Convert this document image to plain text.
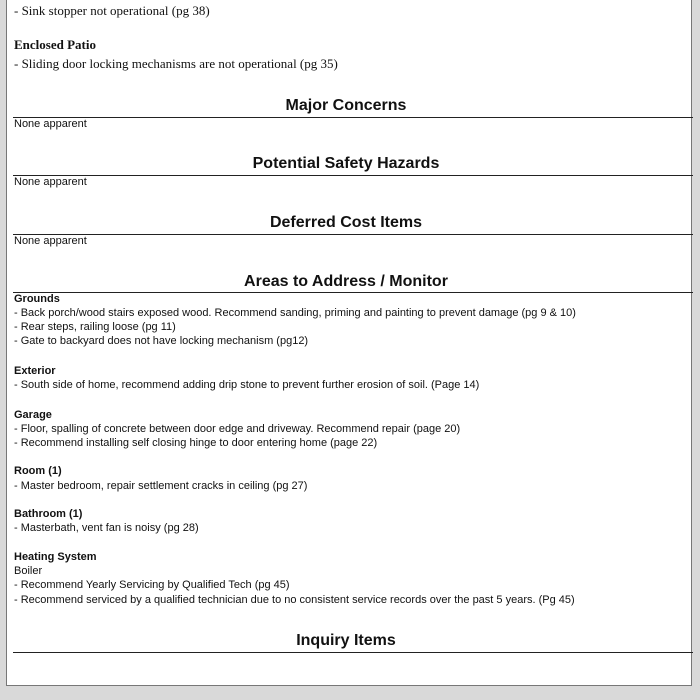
- Sink stopper not operational (pg 38)
Enclosed Patio
- Sliding door locking mechanisms are not operational (pg 35)
Major Concerns
None apparent
Potential Safety Hazards
None apparent
Deferred Cost Items
None apparent
Areas to Address / Monitor
Grounds
- Back porch/wood stairs exposed wood. Recommend sanding, priming and painting to prevent damage (pg 9 & 10)
- Rear steps, railing loose (pg 11)
- Gate to backyard does not have locking mechanism (pg12)
Exterior
- South side of home, recommend adding drip stone to prevent further erosion of soil. (Page 14)
Garage
- Floor, spalling of concrete between door edge and driveway. Recommend repair (page 20)
- Recommend installing self closing hinge to door entering home (page 22)
Room (1)
- Master bedroom, repair settlement cracks in ceiling (pg 27)
Bathroom (1)
- Masterbath, vent fan is noisy (pg 28)
Heating System
Boiler
- Recommend Yearly Servicing by Qualified Tech (pg 45)
- Recommend serviced by a qualified technician due to no consistent service records over the past 5 years. (Pg 45)
Inquiry Items
